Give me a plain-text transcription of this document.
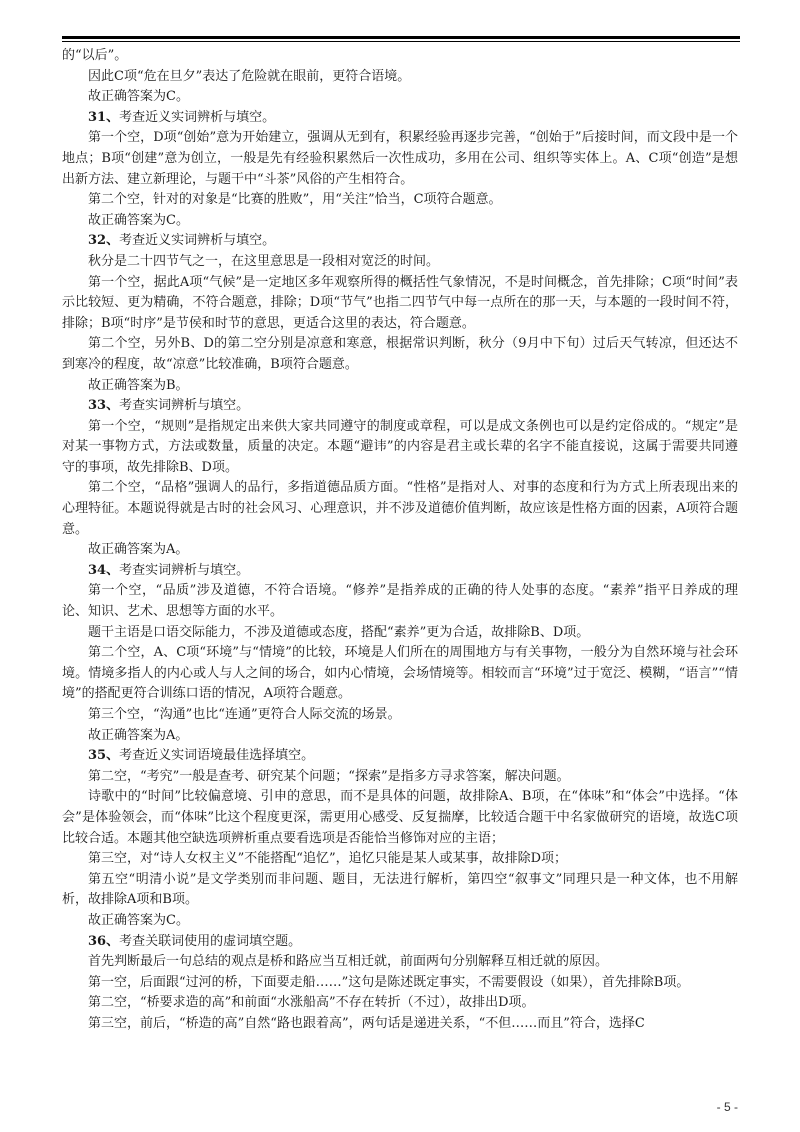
的“以后”。

因此C项“危在旦夕”表达了危险就在眼前，更符合语境。

故正确答案为C。

31、考查近义实词辨析与填空。

第一个空，D项“创始”意为开始建立，强调从无到有，积累经验再逐步完善，“创始于”后接时间，而文段中是一个地点；B项“创建”意为创立，一般是先有经验积累然后一次性成功，多用在公司、组织等实体上。A、C项“创造”是想出新方法、建立新理论，与题干中“斗茶”风俗的产生相符合。

第二个空，针对的对象是“比赛的胜败”，用“关注”恰当，C项符合题意。

故正确答案为C。

32、考查近义实词辨析与填空。

秋分是二十四节气之一，在这里意思是一段相对宽泛的时间。

第一个空，据此A项“气候”是一定地区多年观察所得的概括性气象情况，不是时间概念，首先排除；C项“时间”表示比较短、更为精确，不符合题意，排除；D项“节气”也指二四节气中每一点所在的那一天，与本题的一段时间不符，排除；B项“时序”是节侯和时节的意思，更适合这里的表达，符合题意。

第二个空，另外B、D的第二空分别是凉意和寒意，根据常识判断，秋分（9月中下旬）过后天气转凉，但还达不到寒冷的程度，故“凉意”比较准确，B项符合题意。

故正确答案为B。

33、考查实词辨析与填空。

第一个空，“规则”是指规定出来供大家共同遵守的制度或章程，可以是成文条例也可以是约定俗成的。“规定”是对某一事物方式，方法或数量，质量的决定。本题“避讳”的内容是君主或长辈的名字不能直接说，这属于需要共同遵守的事项，故先排除B、D项。

第二个空，“品格”强调人的品行，多指道德品质方面。“性格”是指对人、对事的态度和行为方式上所表现出来的心理特征。本题说得就是古时的社会风习、心理意识，并不涉及道德价值判断，故应该是性格方面的因素，A项符合题意。

故正确答案为A。

34、考查实词辨析与填空。

第一个空，“品质”涉及道德，不符合语境。“修养”是指养成的正确的待人处事的态度。“素养”指平日养成的理论、知识、艺术、思想等方面的水平。

题干主语是口语交际能力，不涉及道德或态度，搭配“素养”更为合适，故排除B、D项。

第二个空，A、C项“环境”与“情境”的比较，环境是人们所在的周围地方与有关事物，一般分为自然环境与社会环境。情境多指人的内心或人与人之间的场合，如内心情境，会场情境等。相较而言“环境”过于宽泛、模糊，“语言”“情境”的搭配更符合训练口语的情况，A项符合题意。

第三个空，“沟通”也比“连通”更符合人际交流的场景。

故正确答案为A。

35、考查近义实词语境最佳选择填空。

第二空，“考究”一般是查考、研究某个问题；“探索”是指多方寻求答案，解决问题。

诗歌中的“时间”比较偏意境、引申的意思，而不是具体的问题，故排除A、B项，在“体味”和“体会”中选择。“体会”是体验领会，而“体味”比这个程度更深，需更用心感受、反复揣摩，比较适合题干中名家做研究的语境，故选C项比较合适。本题其他空缺选项辨析重点要看选项是否能恰当修饰对应的主语；

第三空，对“诗人女权主义”不能搭配“追忆”，追忆只能是某人或某事，故排除D项；

第五空“明清小说”是文学类别而非问题、题目，无法进行解析，第四空“叙事文”同理只是一种文体，也不用解析，故排除A项和B项。

故正确答案为C。

36、考查关联词使用的虚词填空题。

首先判断最后一句总结的观点是桥和路应当互相迁就，前面两句分别解释互相迁就的原因。

第一空，后面跟“过河的桥，下面要走船……”这句是陈述既定事实，不需要假设（如果），首先排除B项。

第二空，“桥要求造的高”和前面“水涨船高”不存在转折（不过），故排出D项。

第三空，前后，“桥造的高”自然“路也跟着高”，两句话是递进关系，“不但……而且”符合，选择C

- 5 -
